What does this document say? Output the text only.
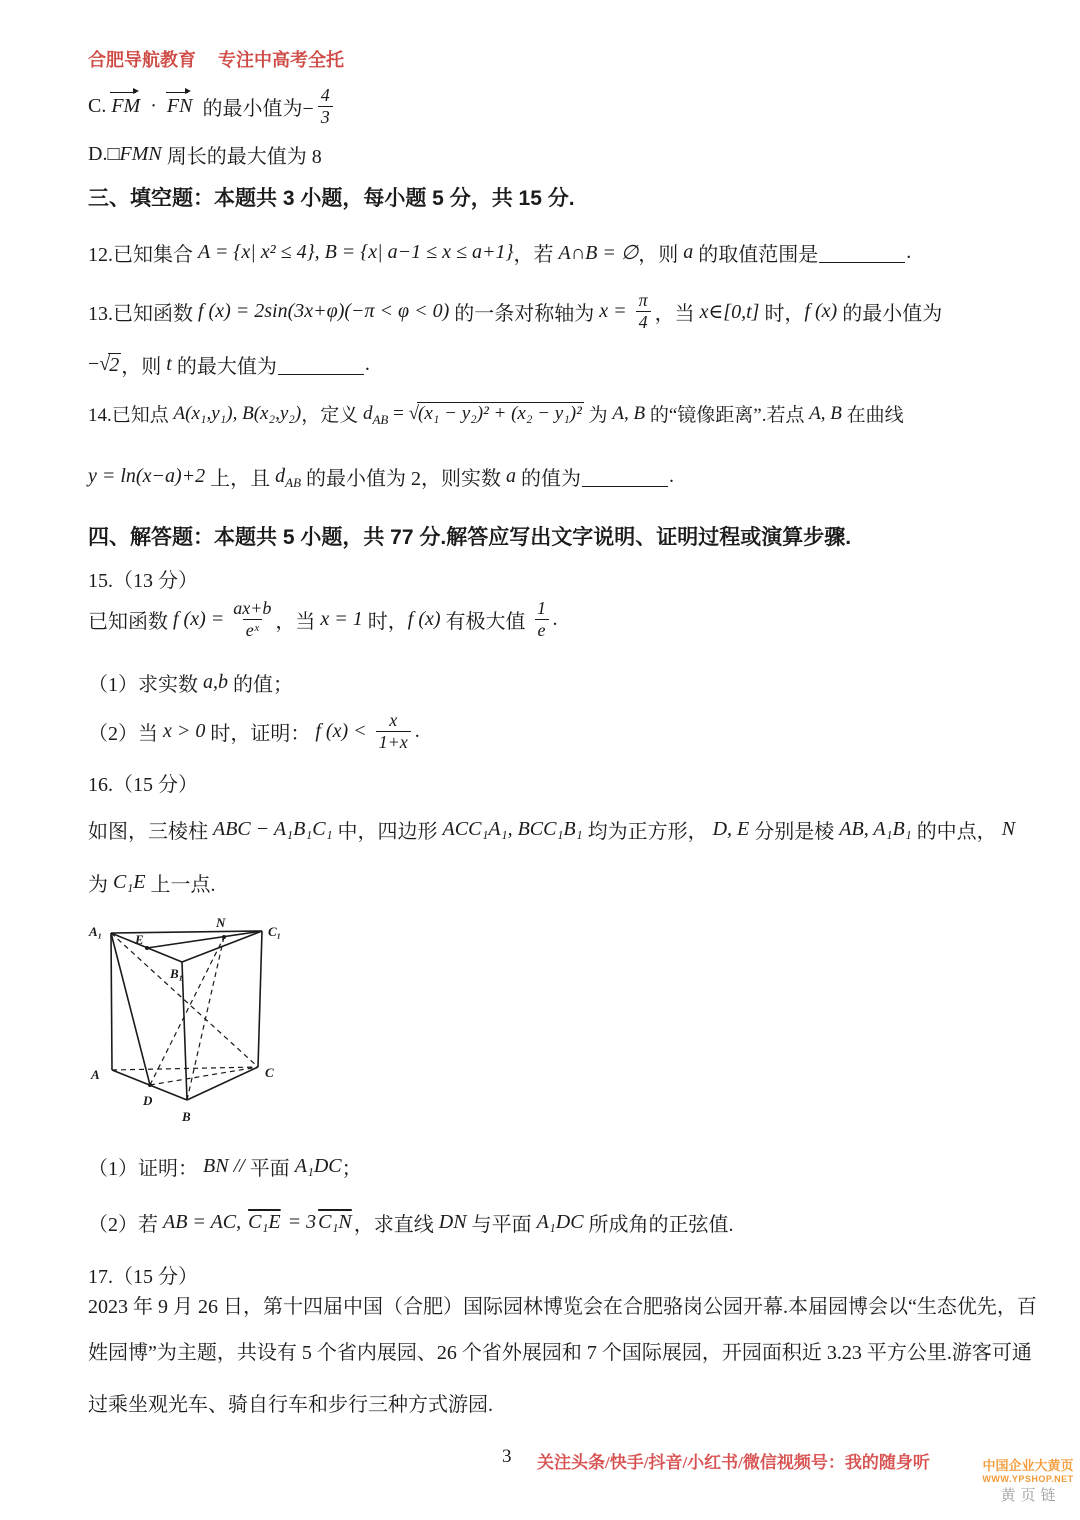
合肥导航教育 专注中高考全托
C. FM · FN 的最小值为− $\frac{4}{3}$
D.□ FMN 周长的最大值为 8
三、填空题：本题共 3 小题，每小题 5 分，共 15 分.
12.已知集合 A = {x| x² ≤ 4}, B = {x| a−1 ≤ x ≤ a+1} ，若 A∩B = ∅ ，则 a 的取值范围是	.
13.已知函数 f (x) = 2sin(3x+φ)(−π < φ < 0) 的一条对称轴为 $x = \frac{\pi}{4}$ ，当 x∈[0,t] 时， f (x) 的最小值为
−√ 2 ，则 t 的最大值为	.
14.已知点 A(x₁,y₁), B(x₂,y₂) ，定义 d AB = √ (x₁ − y₂)² + (x₂ − y₁)² 为 A, B 的“镜像距离”.若点 A, B 在曲线
y = ln(x−a)+2 上，且 d AB 的最小值为 2，则实数 a 的值为	.
四、解答题：本题共 5 小题，共 77 分.解答应写出文字说明、证明过程或演算步骤.
15.（13 分）
已知函数 f $(x) = \frac{ax+b}{\text{eˣ}}$ ，当 x = 1 时， f (x) 有极大值 $\frac{1}{e}$ .
（1）求实数 a,b 的值；
（2）当 x > 0 时，证明： f $(x) < \frac{x}{1+x}$ .
16.（15 分）
如图，三棱柱 ABC − A₁B₁C₁ 中，四边形 ACC₁A₁, BCC₁B₁ 均为正方形， D, E 分别是棱 AB, A₁B₁ 的中点， N
为 C₁E 上一点.
A₁
E
N
C₁
B₁
A
D
B
C
（1）证明： BN // 平面 A₁DC ；
（2）若 AB = AC, C₁E = 3 C₁N ，求直线 DN 与平面 A₁DC 所成角的正弦值.
17.（15 分）
2023 年 9 月 26 日，第十四届中国（合肥）国际园林博览会在合肥骆岗公园开幕.本届园博会以“生态优先，百
姓园博”为主题，共设有 5 个省内展园、26 个省外展园和 7 个国际展园，开园面积近 3.23 平方公里.游客可通
过乘坐观光车、骑自行车和步行三种方式游园.
3 关注头条/快手/抖音/小红书/微信视频号：我的随身听	中国企业大黄页
WWW.YPSHOP.NET
黄页链
